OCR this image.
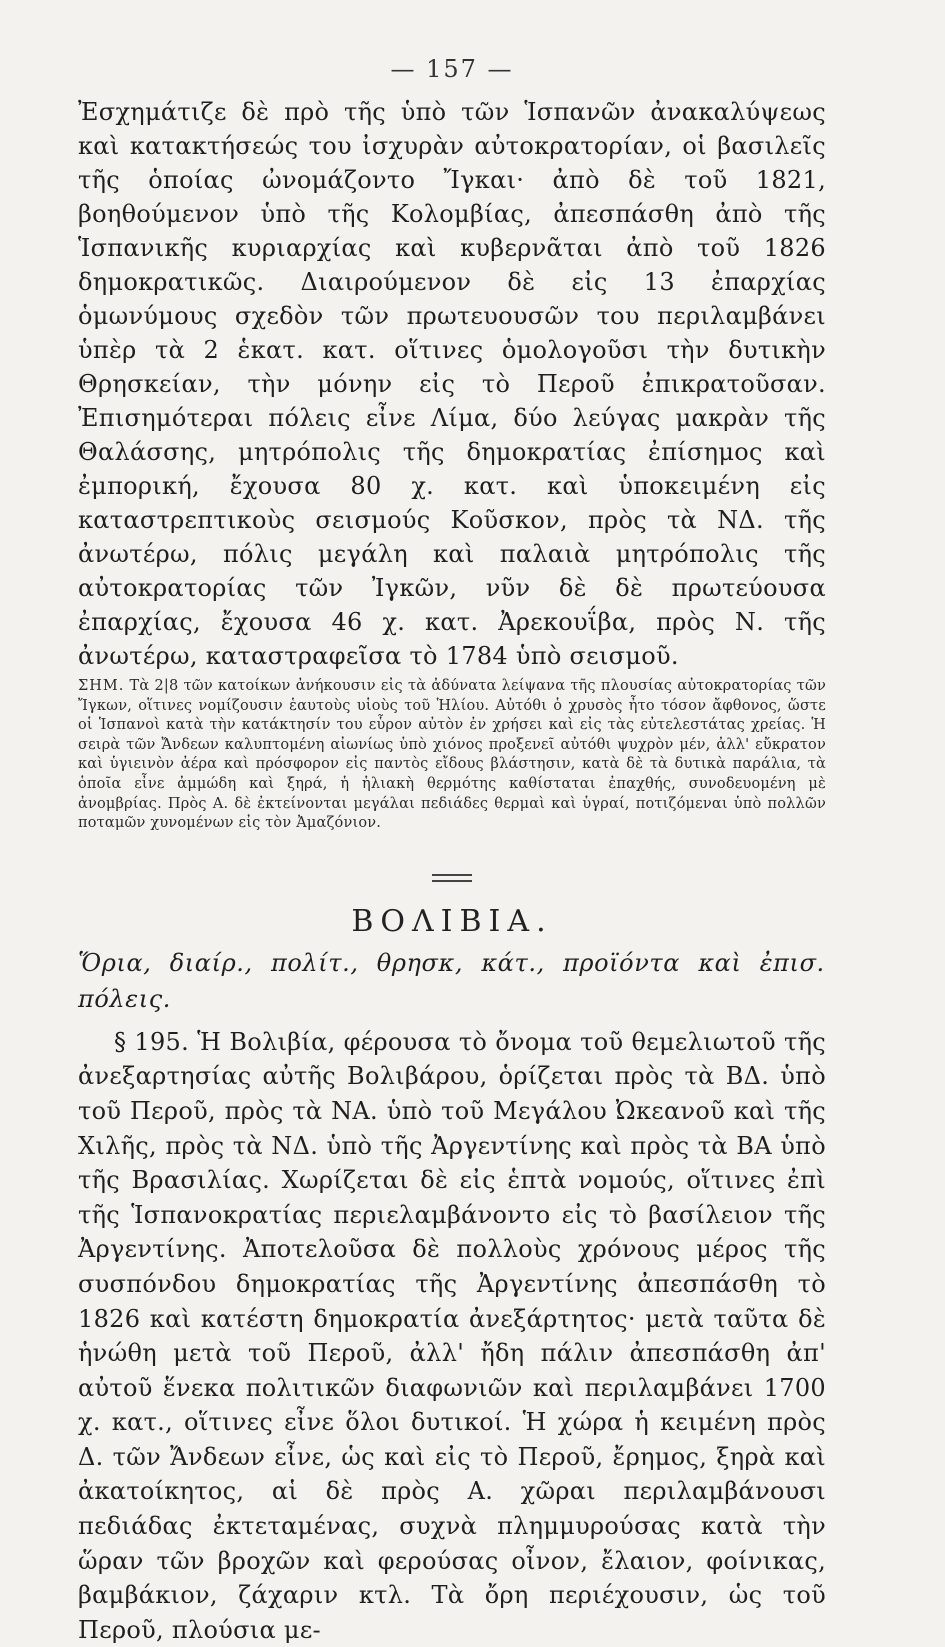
— 157 —

Ἐσχημάτιζε δὲ πρὸ τῆς ὑπὸ τῶν Ἱσπανῶν ἀνακαλύψεως καὶ κατακτήσεώς του ἰσχυρὰν αὐτοκρατορίαν, οἱ βασιλεῖς τῆς ὁποίας ὠνομάζοντο Ἴγκαι· ἀπὸ δὲ τοῦ 1821, βοηθούμενον ὑπὸ τῆς Κολομβίας, ἀπεσπάσθη ἀπὸ τῆς Ἱσπανικῆς κυριαρχίας καὶ κυβερνᾶται ἀπὸ τοῦ 1826 δημοκρατικῶς. Διαιρούμενον δὲ εἰς 13 ἐπαρχίας ὁμωνύμους σχεδὸν τῶν πρωτευουσῶν του περιλαμβάνει ὑπὲρ τὰ 2 ἑκατ. κατ. οἵτινες ὁμολογοῦσι τὴν δυτικὴν Θρησκείαν, τὴν μόνην εἰς τὸ Περοῦ ἐπικρατοῦσαν. Ἐπισημότεραι πόλεις εἶνε Λίμα, δύο λεύγας μακρὰν τῆς Θαλάσσης, μητρόπολις τῆς δημοκρατίας ἐπίσημος καὶ ἐμπορική, ἔχουσα 80 χ. κατ. καὶ ὑποκειμένη εἰς καταστρεπτικοὺς σεισμούς Κοῦσκον, πρὸς τὰ ΝΔ. τῆς ἀνωτέρω, πόλις μεγάλη καὶ παλαιὰ μητρόπολις τῆς αὐτοκρατορίας τῶν Ἰγκῶν, νῦν δὲ δὲ πρωτεύουσα ἐπαρχίας, ἔχουσα 46 χ. κατ. Ἀρεκουΐβα, πρὸς Ν. τῆς ἀνωτέρω, καταστραφεῖσα τὸ 1784 ὑπὸ σεισμοῦ.

ΣΗΜ. Τὰ 2|8 τῶν κατοίκων ἀνήκουσιν εἰς τὰ ἀδύνατα λείψανα τῆς πλουσίας αὐτοκρατορίας τῶν Ἴγκων, οἵτινες νομίζουσιν ἑαυτοὺς υἱοὺς τοῦ Ἡλίου. Αὐτόθι ὁ χρυσὸς ἦτο τόσον ἄφθονος, ὥστε οἱ Ἱσπανοὶ κατὰ τὴν κατάκτησίν του εὗρον αὐτὸν ἐν χρήσει καὶ εἰς τὰς εὐτελεστάτας χρείας. Ἡ σειρὰ τῶν Ἄνδεων καλυπτομένη αἰωνίως ὑπὸ χιόνος προξενεῖ αὐτόθι ψυχρὸν μέν, ἀλλ' εὔκρατον καὶ ὑγιεινὸν ἀέρα καὶ πρόσφορον εἰς παντὸς εἴδους βλάστησιν, κατὰ δὲ τὰ δυτικὰ παράλια, τὰ ὁποῖα εἶνε ἀμμώδη καὶ ξηρά, ἡ ἡλιακὴ θερμότης καθίσταται ἐπαχθής, συνοδευομένη μὲ ἀνομβρίας. Πρὸς Α. δὲ ἐκτείνονται μεγάλαι πεδιάδες θερμαὶ καὶ ὑγραί, ποτιζόμεναι ὑπὸ πολλῶν ποταμῶν χυνομένων εἰς τὸν Ἀμαζόνιον.

ΒΟΛΙΒΙΑ.

Ὅρια, διαίρ., πολίτ., θρησκ, κάτ., προϊόντα καὶ ἐπισ. πόλεις.

§ 195. Ἡ Βολιβία, φέρουσα τὸ ὄνομα τοῦ θεμελιωτοῦ τῆς ἀνεξαρτησίας αὐτῆς Βολιβάρου, ὁρίζεται πρὸς τὰ ΒΔ. ὑπὸ τοῦ Περοῦ, πρὸς τὰ ΝΑ. ὑπὸ τοῦ Μεγάλου Ὠκεανοῦ καὶ τῆς Χιλῆς, πρὸς τὰ ΝΔ. ὑπὸ τῆς Ἀργεντίνης καὶ πρὸς τὰ ΒΑ ὑπὸ τῆς Βρασιλίας. Χωρίζεται δὲ εἰς ἑπτὰ νομούς, οἵτινες ἐπὶ τῆς Ἱσπανοκρατίας περιελαμβάνοντο εἰς τὸ βασίλειον τῆς Ἀργεντίνης. Ἀποτελοῦσα δὲ πολλοὺς χρόνους μέρος τῆς συσπόνδου δημοκρατίας τῆς Ἀργεντίνης ἀπεσπάσθη τὸ 1826 καὶ κατέστη δημοκρατία ἀνεξάρτητος· μετὰ ταῦτα δὲ ἡνώθη μετὰ τοῦ Περοῦ, ἀλλ' ἤδη πάλιν ἀπεσπάσθη ἀπ' αὐτοῦ ἕνεκα πολιτικῶν διαφωνιῶν καὶ περιλαμβάνει 1700 χ. κατ., οἵτινες εἶνε ὅλοι δυτικοί. Ἡ χώρα ἡ κειμένη πρὸς Δ. τῶν Ἄνδεων εἶνε, ὡς καὶ εἰς τὸ Περοῦ, ἔρημος, ξηρὰ καὶ ἀκατοίκητος, αἱ δὲ πρὸς Α. χῶραι περιλαμβάνουσι πεδιάδας ἐκτεταμένας, συχνὰ πλημμυρούσας κατὰ τὴν ὥραν τῶν βροχῶν καὶ φερούσας οἶνον, ἔλαιον, φοίνικας, βαμβάκιον, ζάχαριν κτλ. Τὰ ὄρη περιέχουσιν, ὡς τοῦ Περοῦ, πλούσια με-
